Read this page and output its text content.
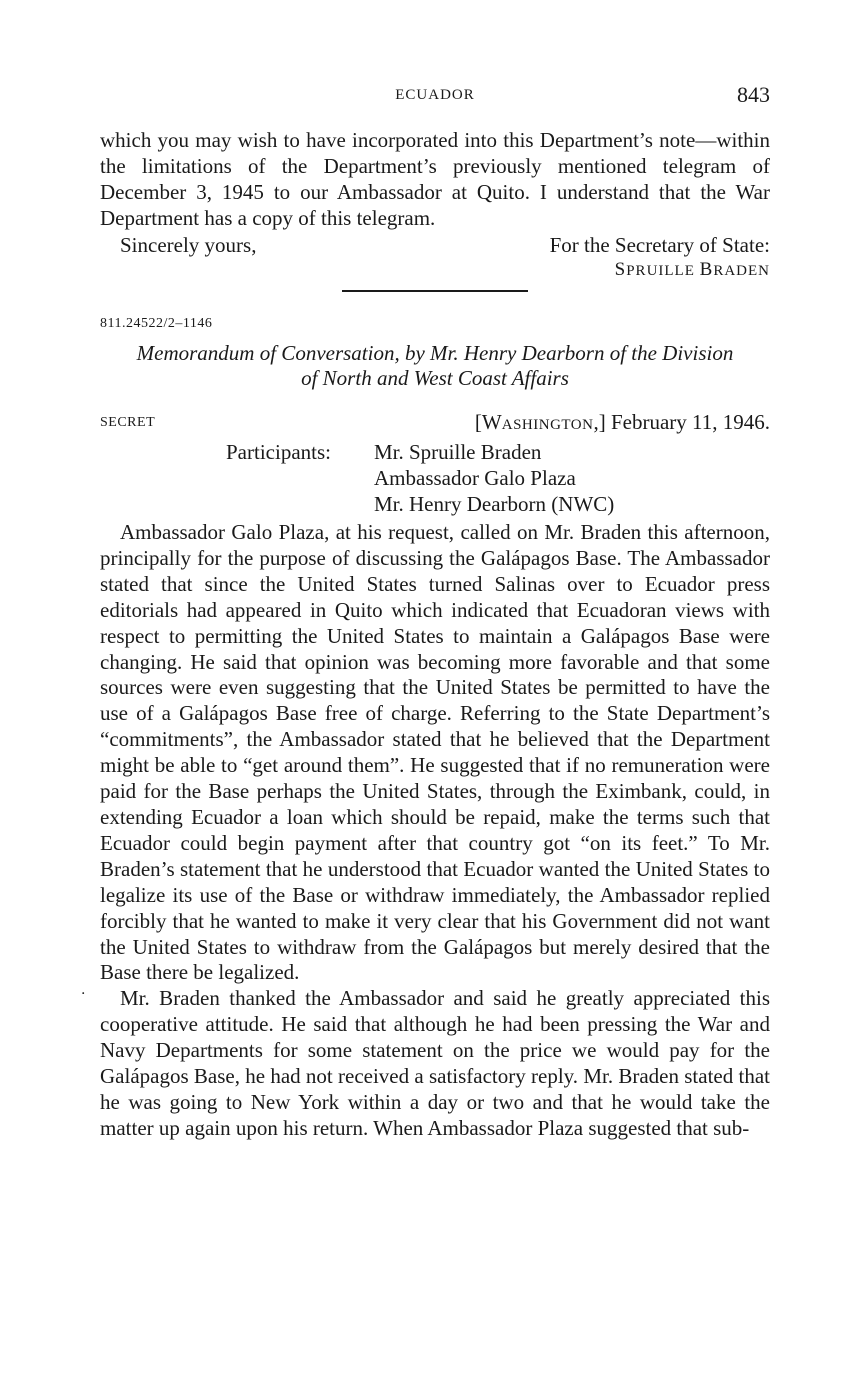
ECUADOR	843

which you may wish to have incorporated into this Department’s note—within the limitations of the Department’s previously mentioned telegram of December 3, 1945 to our Ambassador at Quito. I understand that the War Department has a copy of this telegram.

Sincerely yours,	For the Secretary of State:
SPRUILLE BRADEN
811.24522/2–1146
Memorandum of Conversation, by Mr. Henry Dearborn of the Division
of North and West Coast Affairs
SECRET	[WASHINGTON,] February 11, 1946.
Participants: Mr. Spruille Braden
Ambassador Galo Plaza
Mr. Henry Dearborn (NWC)

Ambassador Galo Plaza, at his request, called on Mr. Braden this afternoon, principally for the purpose of discussing the Galápagos Base. The Ambassador stated that since the United States turned Salinas over to Ecuador press editorials had appeared in Quito which indicated that Ecuadoran views with respect to permitting the United States to maintain a Galápagos Base were changing. He said that opinion was becoming more favorable and that some sources were even suggesting that the United States be permitted to have the use of a Galápagos Base free of charge. Referring to the State Department’s “commitments”, the Ambassador stated that he believed that the Department might be able to “get around them”. He suggested that if no remuneration were paid for the Base perhaps the United States, through the Eximbank, could, in extending Ecuador a loan which should be repaid, make the terms such that Ecuador could begin payment after that country got “on its feet.” To Mr. Braden’s statement that he understood that Ecuador wanted the United States to legalize its use of the Base or withdraw immediately, the Ambassador replied forcibly that he wanted to make it very clear that his Government did not want the United States to withdraw from the Galápagos but merely desired that the Base there be legalized.

·	Mr. Braden thanked the Ambassador and said he greatly appreciated this cooperative attitude. He said that although he had been pressing the War and Navy Departments for some statement on the price we would pay for the Galápagos Base, he had not received a satisfactory reply. Mr. Braden stated that he was going to New York within a day or two and that he would take the matter up again upon his return. When Ambassador Plaza suggested that sub-
